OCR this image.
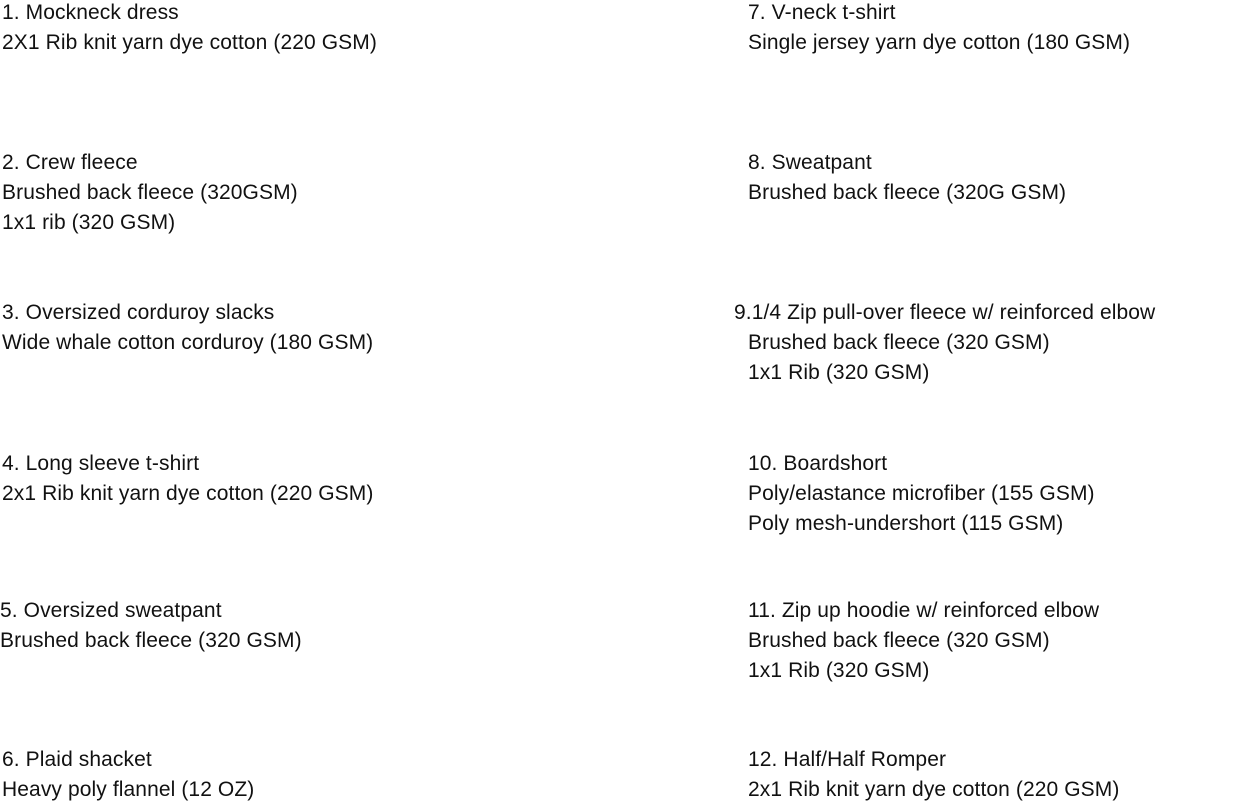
1. Mockneck dress
2X1 Rib knit yarn dye cotton (220 GSM)
2. Crew fleece
Brushed back fleece (320GSM)
1x1 rib (320 GSM)
3. Oversized corduroy slacks
Wide whale cotton corduroy (180 GSM)
4. Long sleeve t-shirt
2x1 Rib knit yarn dye cotton (220 GSM)
5. Oversized sweatpant
Brushed back fleece (320 GSM)
6. Plaid shacket
Heavy poly flannel (12 OZ)
7. V-neck t-shirt
Single jersey yarn dye cotton (180 GSM)
8. Sweatpant
Brushed back fleece (320G GSM)
9.1/4 Zip pull-over fleece w/ reinforced elbow
Brushed back fleece (320 GSM)
1x1 Rib (320 GSM)
10. Boardshort
Poly/elastance microfiber (155 GSM)
Poly mesh-undershort (115 GSM)
11. Zip up hoodie w/ reinforced elbow
Brushed back fleece (320 GSM)
1x1 Rib (320 GSM)
12. Half/Half Romper
2x1 Rib knit yarn dye cotton (220 GSM)
